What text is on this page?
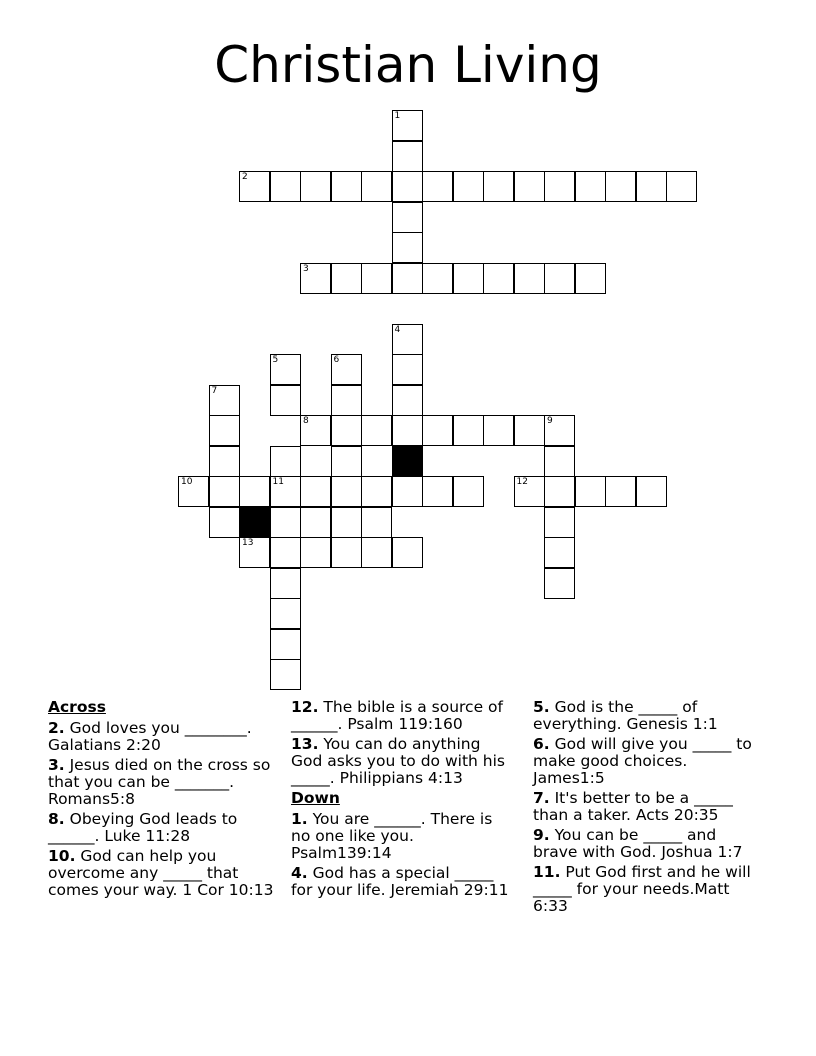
Christian Living
1
2
3
4
5	6
7
8	9
11
10	12
13
Across
2. God loves you ________. Galatians 2:20
3. Jesus died on the cross so that you can be _______. Romans5:8
8. Obeying God leads to ______. Luke 11:28
10. God can help you overcome any _____ that comes your way. 1 Cor 10:13
12. The bible is a source of ______. Psalm 119:160
13. You can do anything God asks you to do with his _____. Philippians 4:13
Down
1. You are ______. There is no one like you. Psalm139:14
4. God has a special _____ for your life. Jeremiah 29:11
5. God is the _____ of everything. Genesis 1:1
6. God will give you _____ to make good choices. James1:5
7. It's better to be a _____ than a taker. Acts 20:35
9. You can be _____ and brave with God. Joshua 1:7
11. Put God first and he will _____ for your needs.Matt 6:33
